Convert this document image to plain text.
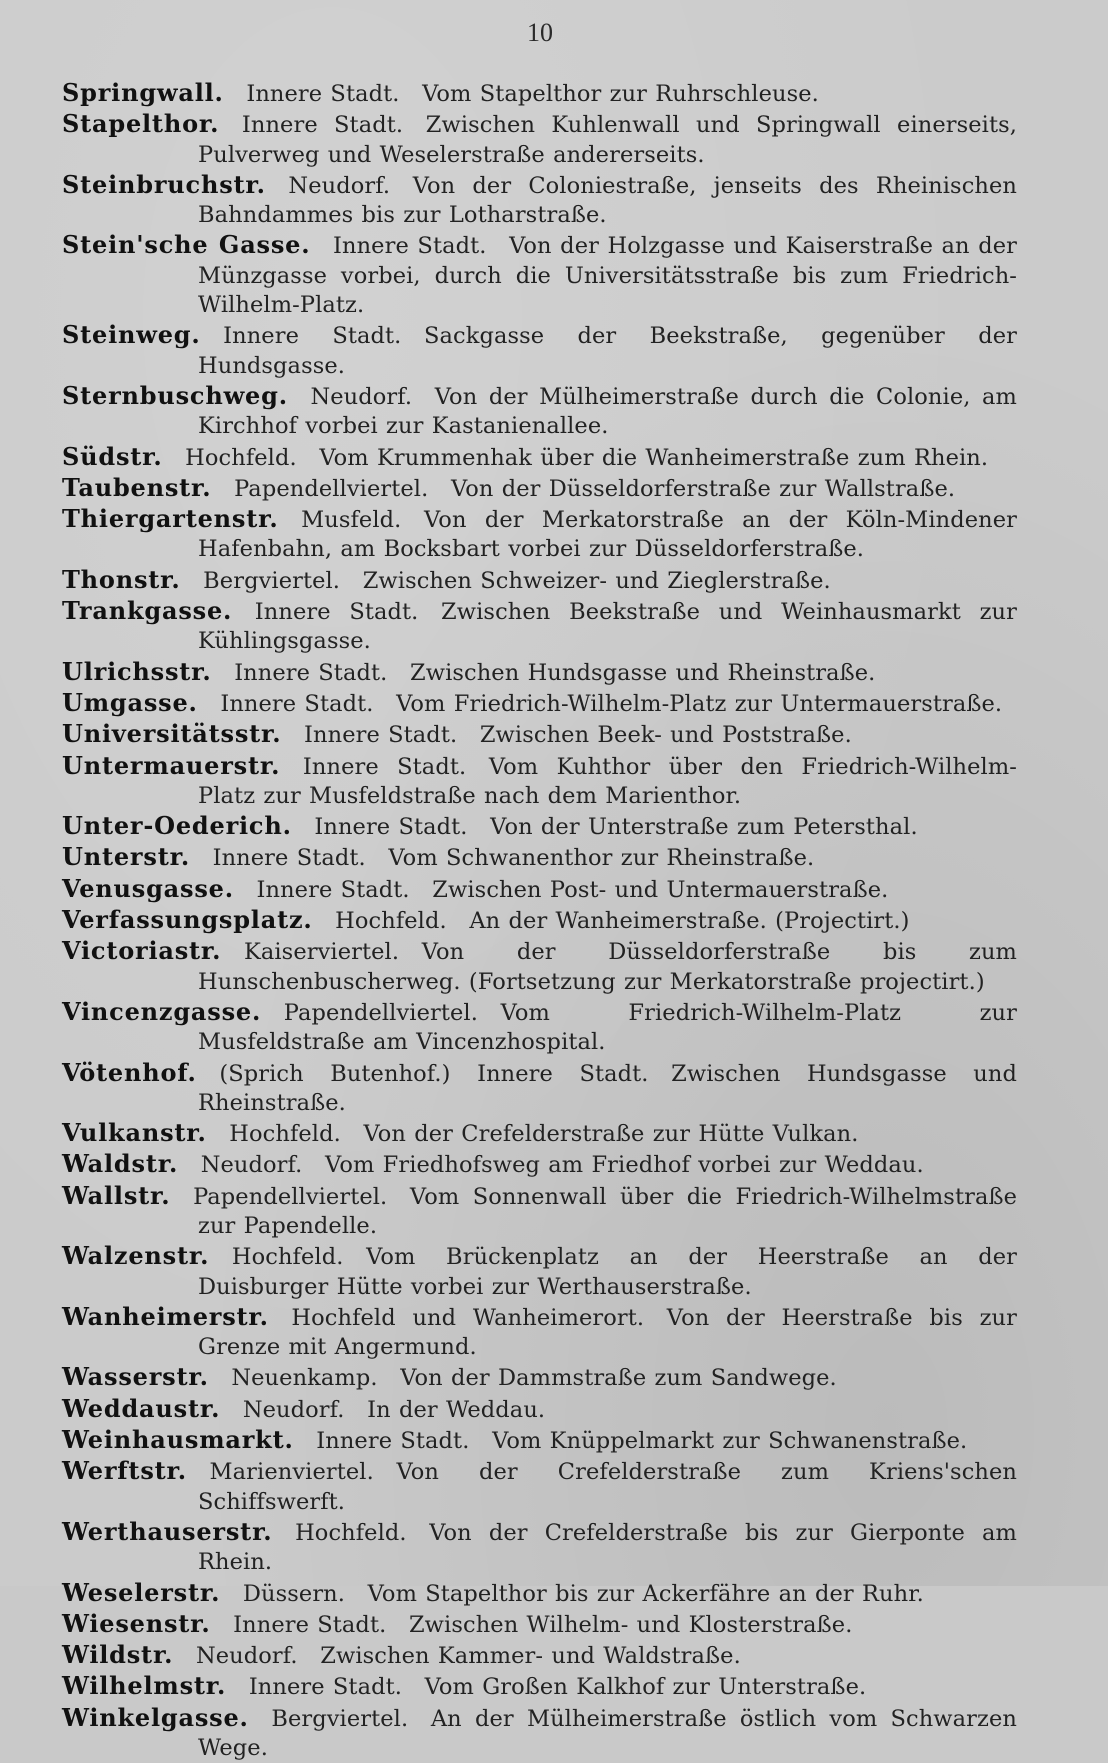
10

Springwall.  Innere Stadt.  Vom Stapelthor zur Ruhrschleuse.

Stapelthor.  Innere Stadt.  Zwischen Kuhlenwall und Springwall einerseits, Pulverweg und Weselerstraße andererseits.

Steinbruchstr.  Neudorf.  Von der Coloniestraße, jenseits des Rheinischen Bahndammes bis zur Lotharstraße.

Stein'sche Gasse.  Innere Stadt.  Von der Holzgasse und Kaiserstraße an der Münzgasse vorbei, durch die Universitätsstraße bis zum Friedrich-Wilhelm-Platz.

Steinweg.  Innere Stadt.  Sackgasse der Beekstraße, gegenüber der Hundsgasse.

Sternbuschweg.  Neudorf.  Von der Mülheimerstraße durch die Colonie, am Kirchhof vorbei zur Kastanienallee.

Südstr.  Hochfeld.  Vom Krummenhak über die Wanheimerstraße zum Rhein.

Taubenstr.  Papendellviertel.  Von der Düsseldorferstraße zur Wallstraße.

Thiergartenstr.  Musfeld.  Von der Merkatorstraße an der Köln-Mindener Hafenbahn, am Bocksbart vorbei zur Düsseldorferstraße.

Thonstr.  Bergviertel.  Zwischen Schweizer- und Zieglerstraße.

Trankgasse.  Innere Stadt.  Zwischen Beekstraße und Weinhausmarkt zur Kühlingsgasse.

Ulrichsstr.  Innere Stadt.  Zwischen Hundsgasse und Rheinstraße.

Umgasse.  Innere Stadt.  Vom Friedrich-Wilhelm-Platz zur Untermauerstraße.

Universitätsstr.  Innere Stadt.  Zwischen Beek- und Poststraße.

Untermauerstr.  Innere Stadt.  Vom Kuhthor über den Friedrich-Wilhelm-Platz zur Musfeldstraße nach dem Marienthor.

Unter-Oederich.  Innere Stadt.  Von der Unterstraße zum Petersthal.

Unterstr.  Innere Stadt.  Vom Schwanenthor zur Rheinstraße.

Venusgasse.  Innere Stadt.  Zwischen Post- und Untermauerstraße.

Verfassungsplatz.  Hochfeld.  An der Wanheimerstraße. (Projectirt.)

Victoriastr.  Kaiserviertel.  Von der Düsseldorferstraße bis zum Hunschenbuscherweg. (Fortsetzung zur Merkatorstraße projectirt.)

Vincenzgasse.  Papendellviertel.  Vom Friedrich-Wilhelm-Platz zur Musfeldstraße am Vincenzhospital.

Vötenhof.  (Sprich Butenhof.) Innere Stadt.  Zwischen Hundsgasse und Rheinstraße.

Vulkanstr.  Hochfeld.  Von der Crefelderstraße zur Hütte Vulkan.

Waldstr.  Neudorf.  Vom Friedhofsweg am Friedhof vorbei zur Weddau.

Wallstr.  Papendellviertel.  Vom Sonnenwall über die Friedrich-Wilhelmstraße zur Papendelle.

Walzenstr.  Hochfeld.  Vom Brückenplatz an der Heerstraße an der Duisburger Hütte vorbei zur Werthauserstraße.

Wanheimerstr.  Hochfeld und Wanheimerort.  Von der Heerstraße bis zur Grenze mit Angermund.

Wasserstr.  Neuenkamp.  Von der Dammstraße zum Sandwege.

Weddaustr.  Neudorf.  In der Weddau.

Weinhausmarkt.  Innere Stadt.  Vom Knüppelmarkt zur Schwanenstraße.

Werftstr.  Marienviertel.  Von der Crefelderstraße zum Kriens'schen Schiffswerft.

Werthauserstr.  Hochfeld.  Von der Crefelderstraße bis zur Gierponte am Rhein.

Weselerstr.  Düssern.  Vom Stapelthor bis zur Ackerfähre an der Ruhr.

Wiesenstr.  Innere Stadt.  Zwischen Wilhelm- und Klosterstraße.

Wildstr.  Neudorf.  Zwischen Kammer- und Waldstraße.

Wilhelmstr.  Innere Stadt.  Vom Großen Kalkhof zur Unterstraße.

Winkelgasse.  Bergviertel.  An der Mülheimerstraße östlich vom Schwarzen Wege.
